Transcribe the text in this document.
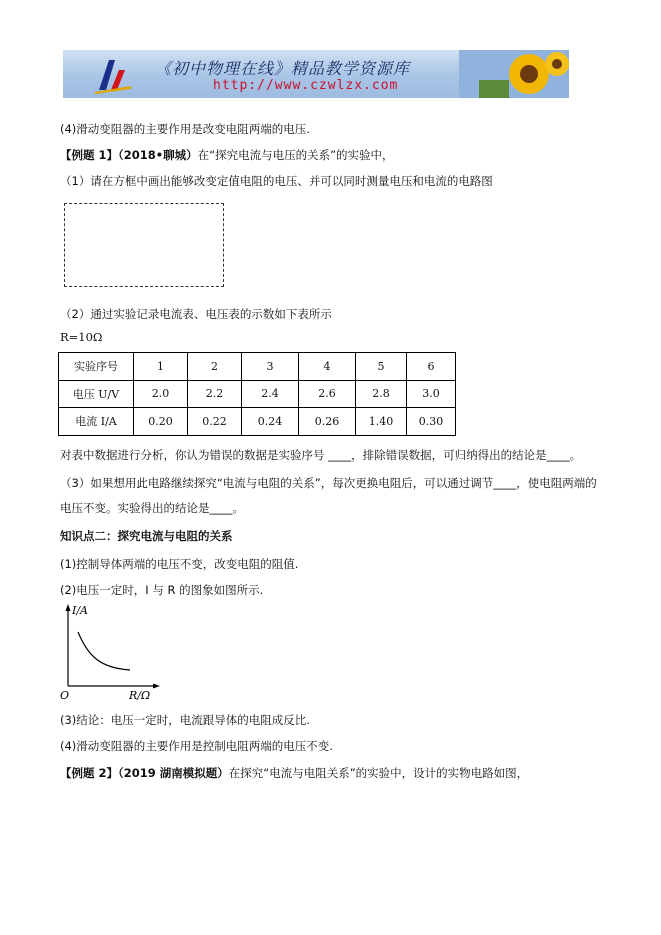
《初中物理在线》精品教学资源库
http://www.czwlzx.com
(4)滑动变阻器的主要作用是改变电阻两端的电压.
【例题 1】（2018•聊城）在“探究电流与电压的关系”的实验中，
（1）请在方框中画出能够改变定值电阻的电压、并可以同时测量电压和电流的电路图
（2）通过实验记录电流表、电压表的示数如下表所示
R=10Ω
实验序号	1	2	3	4	5	6
电压 U/V	2.0	2.2	2.4	2.6	2.8	3.0
电流 I/A	0.20	0.22	0.24	0.26	1.40	0.30
对表中数据进行分析，你认为错误的数据是实验序号 ____，排除错误数据，可归纳得出的结论是____。
（3）如果想用此电路继续探究“电流与电阻的关系”，每次更换电阻后，可以通过调节____，使电阻两端的
电压不变。实验得出的结论是____。
知识点二：探究电流与电阻的关系
(1)控制导体两端的电压不变，改变电阻的阻值.
(2)电压一定时，I 与 R 的图象如图所示.
I/A
R/Ω
O
(3)结论：电压一定时，电流跟导体的电阻成反比.
(4)滑动变阻器的主要作用是控制电阻两端的电压不变.
【例题 2】（2019 湖南模拟题）在探究“电流与电阻关系”的实验中，设计的实物电路如图，
